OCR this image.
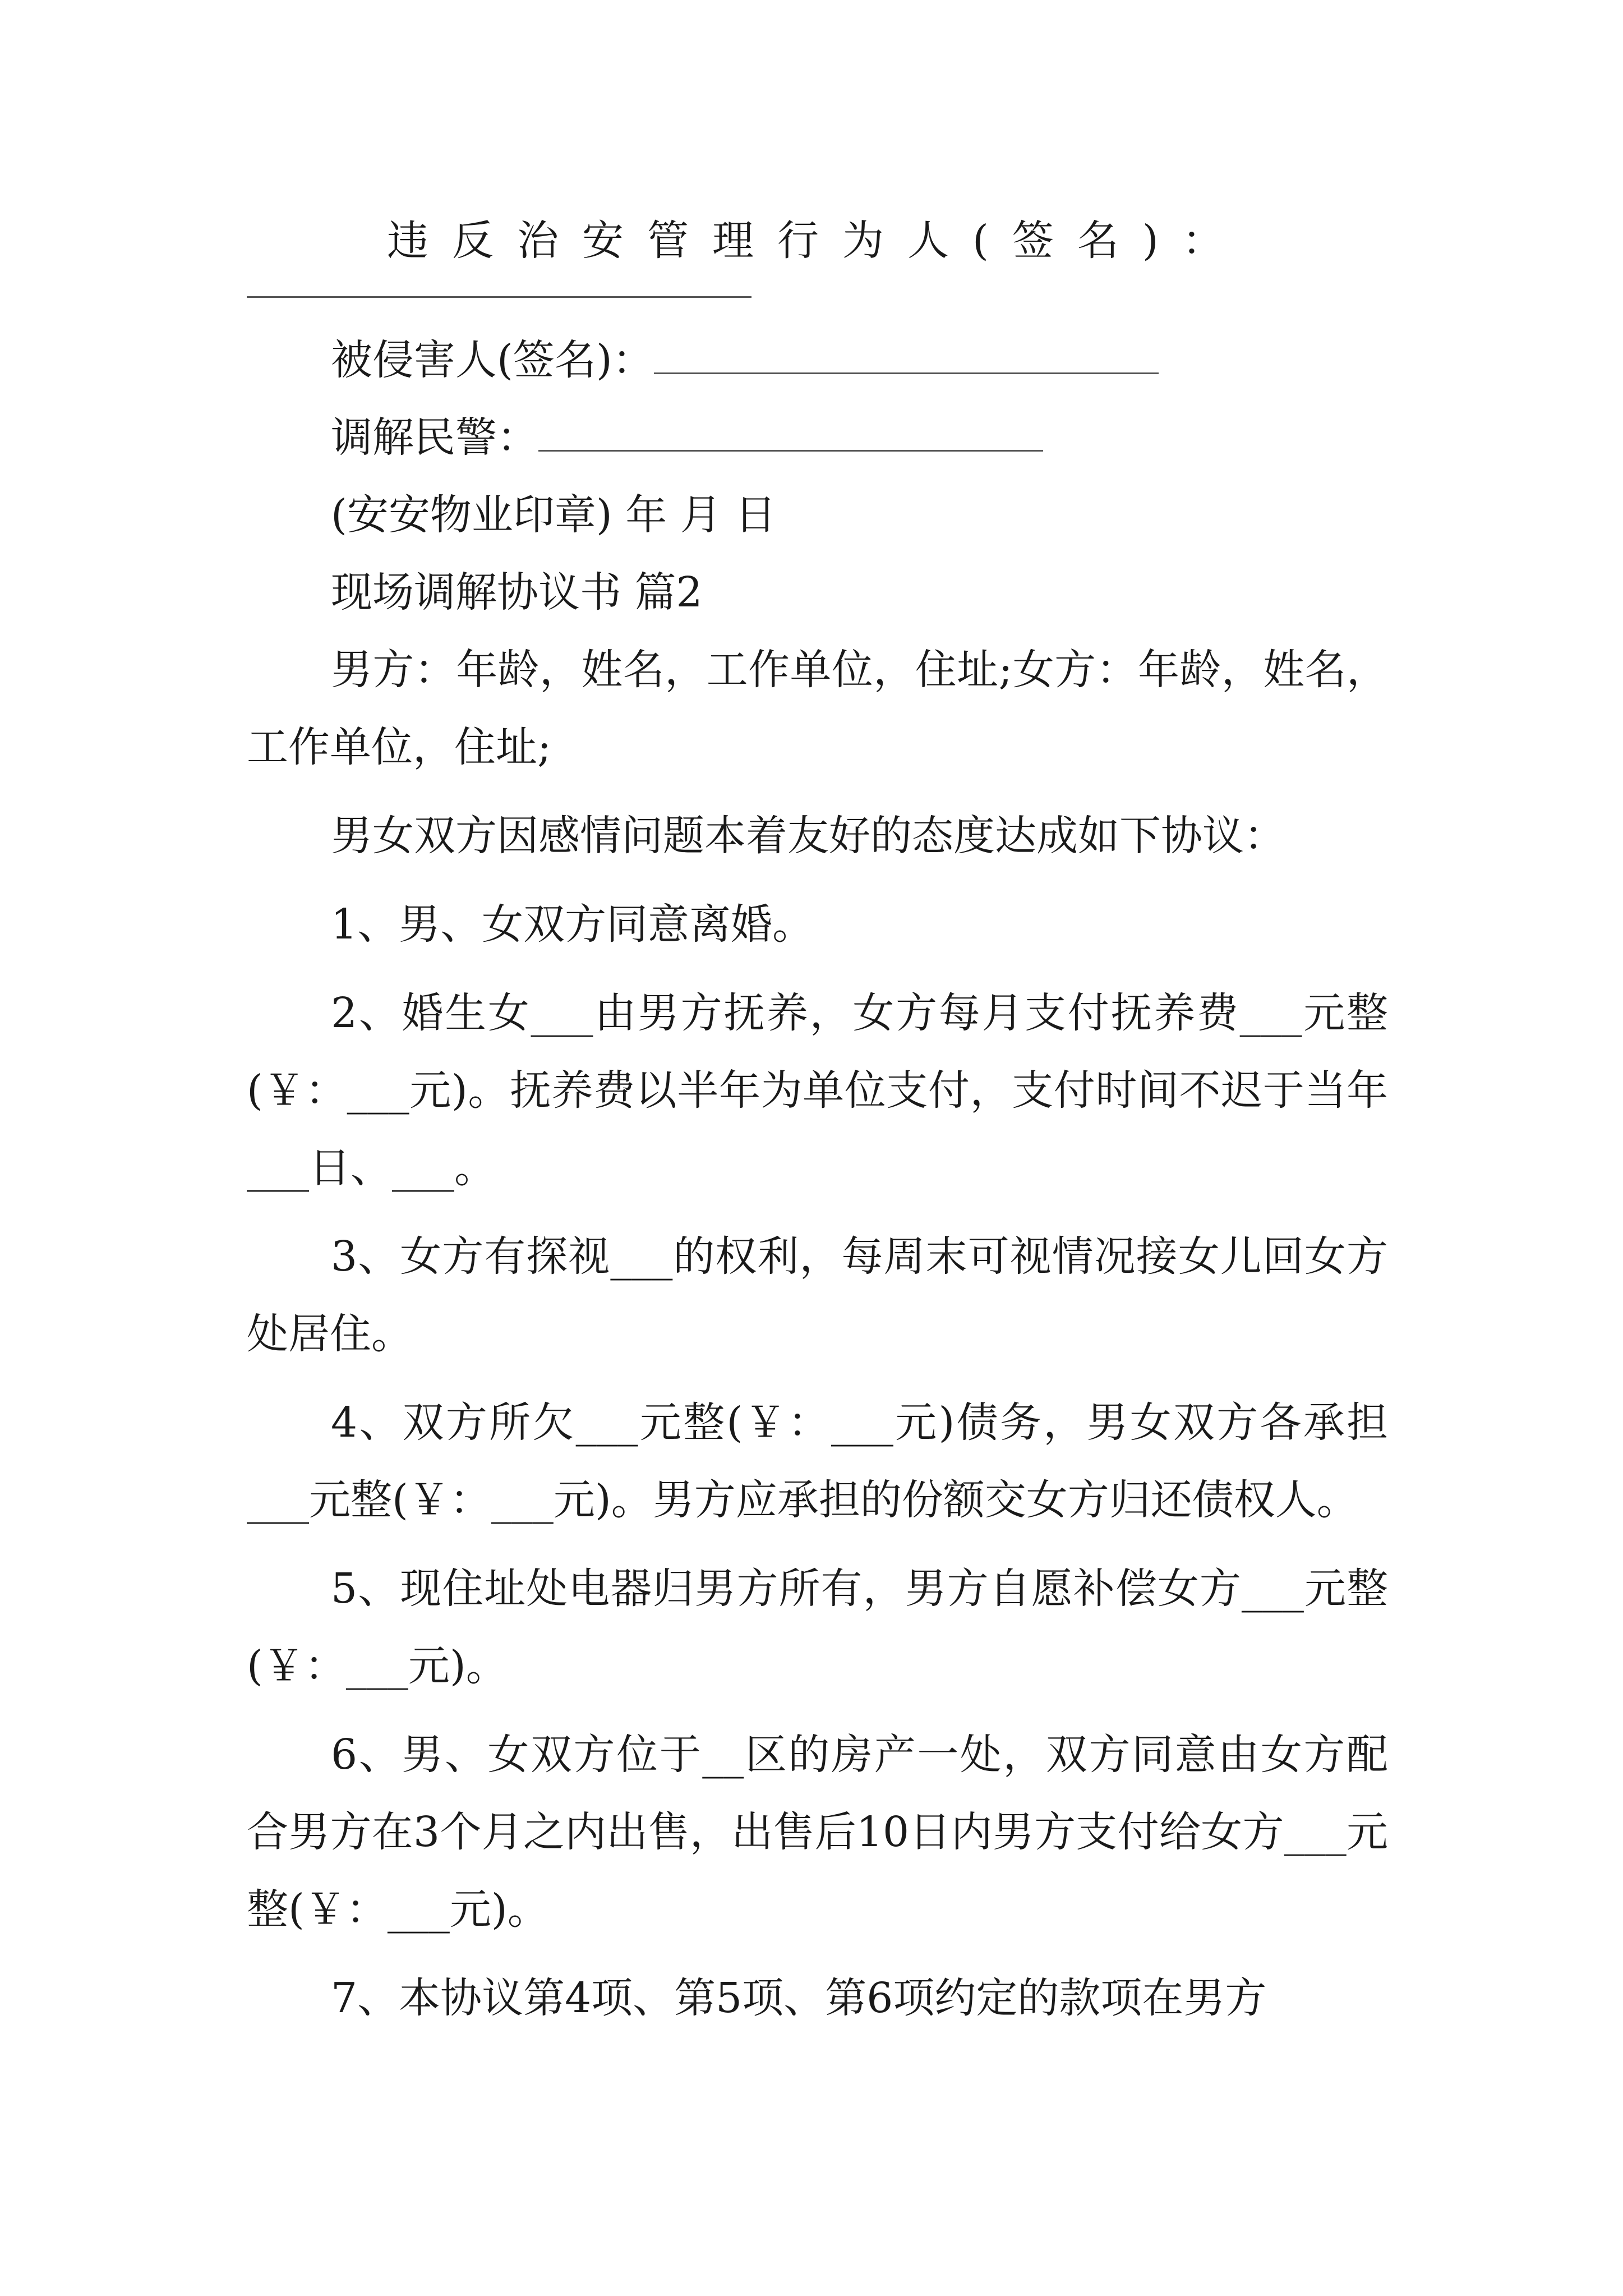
违反治安管理行为人(签名)：
被侵害人(签名)：
调解民警：
(安安物业印章) 年 月 日
现场调解协议书 篇2

男方：年龄，姓名，工作单位，住址;女方：年龄，姓名，工作单位，住址;

男女双方因感情问题本着友好的态度达成如下协议：

1、男、女双方同意离婚。

2、婚生女___由男方抚养，女方每月支付抚养费___元整(￥：___元)。抚养费以半年为单位支付，支付时间不迟于当年___日、___。

3、女方有探视___的权利，每周末可视情况接女儿回女方处居住。

4、双方所欠___元整(￥：___元)债务，男女双方各承担___元整(￥：___元)。男方应承担的份额交女方归还债权人。

5、现住址处电器归男方所有，男方自愿补偿女方___元整(￥：___元)。

6、男、女双方位于__区的房产一处，双方同意由女方配合男方在3个月之内出售，出售后10日内男方支付给女方___元整(￥：___元)。

7、本协议第4项、第5项、第6项约定的款项在男方
